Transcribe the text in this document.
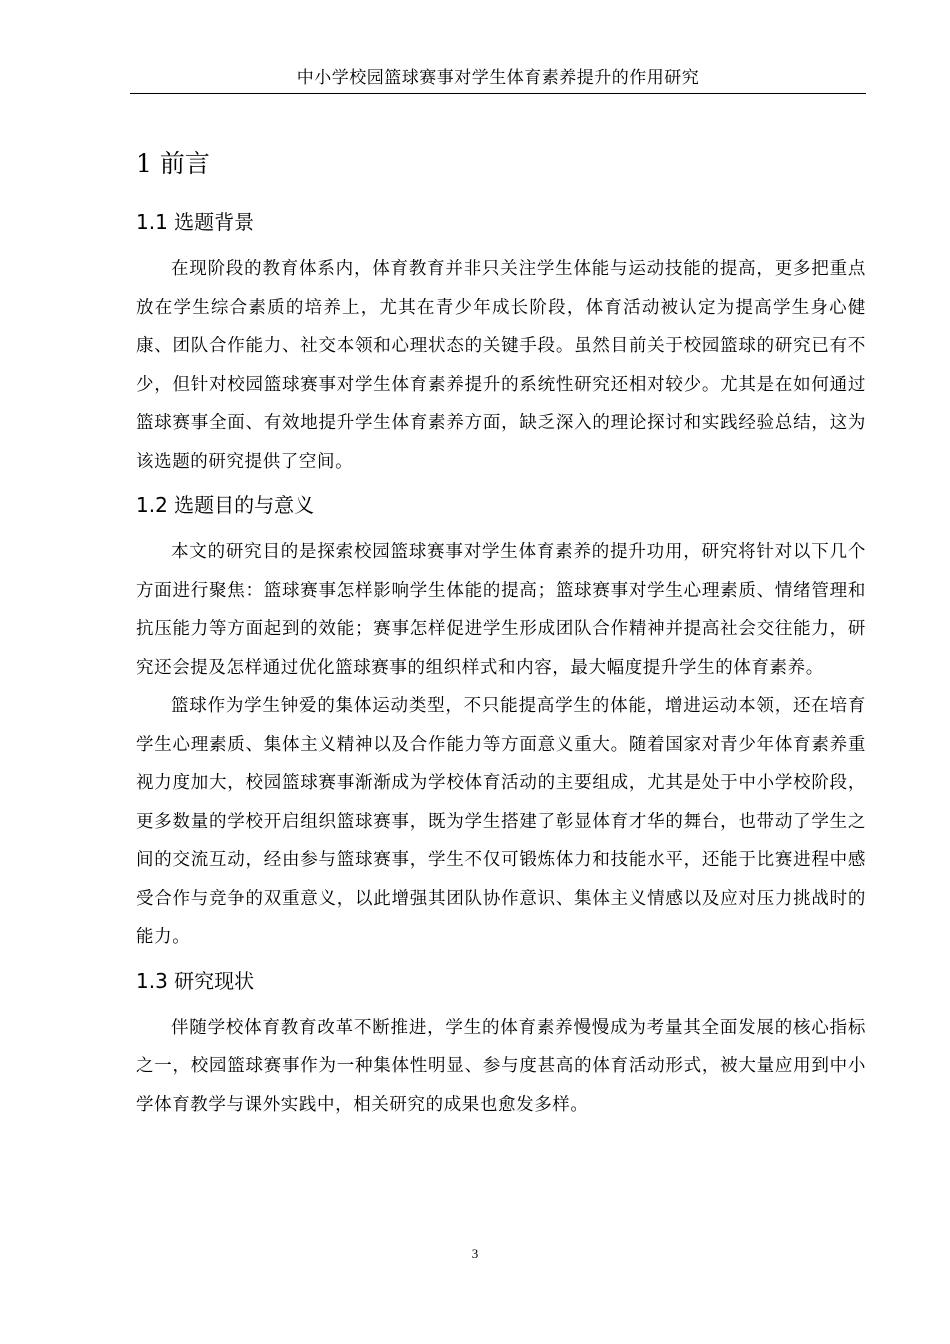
中小学校园篮球赛事对学生体育素养提升的作用研究
1 前言
1.1 选题背景

在现阶段的教育体系内，体育教育并非只关注学生体能与运动技能的提高，更多把重点放在学生综合素质的培养上，尤其在青少年成长阶段，体育活动被认定为提高学生身心健康、团队合作能力、社交本领和心理状态的关键手段。虽然目前关于校园篮球的研究已有不少，但针对校园篮球赛事对学生体育素养提升的系统性研究还相对较少。尤其是在如何通过篮球赛事全面、有效地提升学生体育素养方面，缺乏深入的理论探讨和实践经验总结，这为该选题的研究提供了空间。

1.2 选题目的与意义

本文的研究目的是探索校园篮球赛事对学生体育素养的提升功用，研究将针对以下几个方面进行聚焦：篮球赛事怎样影响学生体能的提高；篮球赛事对学生心理素质、情绪管理和抗压能力等方面起到的效能；赛事怎样促进学生形成团队合作精神并提高社会交往能力，研究还会提及怎样通过优化篮球赛事的组织样式和内容，最大幅度提升学生的体育素养。

篮球作为学生钟爱的集体运动类型，不只能提高学生的体能，增进运动本领，还在培育学生心理素质、集体主义精神以及合作能力等方面意义重大。随着国家对青少年体育素养重视力度加大，校园篮球赛事渐渐成为学校体育活动的主要组成，尤其是处于中小学校阶段，更多数量的学校开启组织篮球赛事，既为学生搭建了彰显体育才华的舞台，也带动了学生之间的交流互动，经由参与篮球赛事，学生不仅可锻炼体力和技能水平，还能于比赛进程中感受合作与竞争的双重意义，以此增强其团队协作意识、集体主义情感以及应对压力挑战时的能力。

1.3 研究现状

伴随学校体育教育改革不断推进，学生的体育素养慢慢成为考量其全面发展的核心指标之一，校园篮球赛事作为一种集体性明显、参与度甚高的体育活动形式，被大量应用到中小学体育教学与课外实践中，相关研究的成果也愈发多样。

3
